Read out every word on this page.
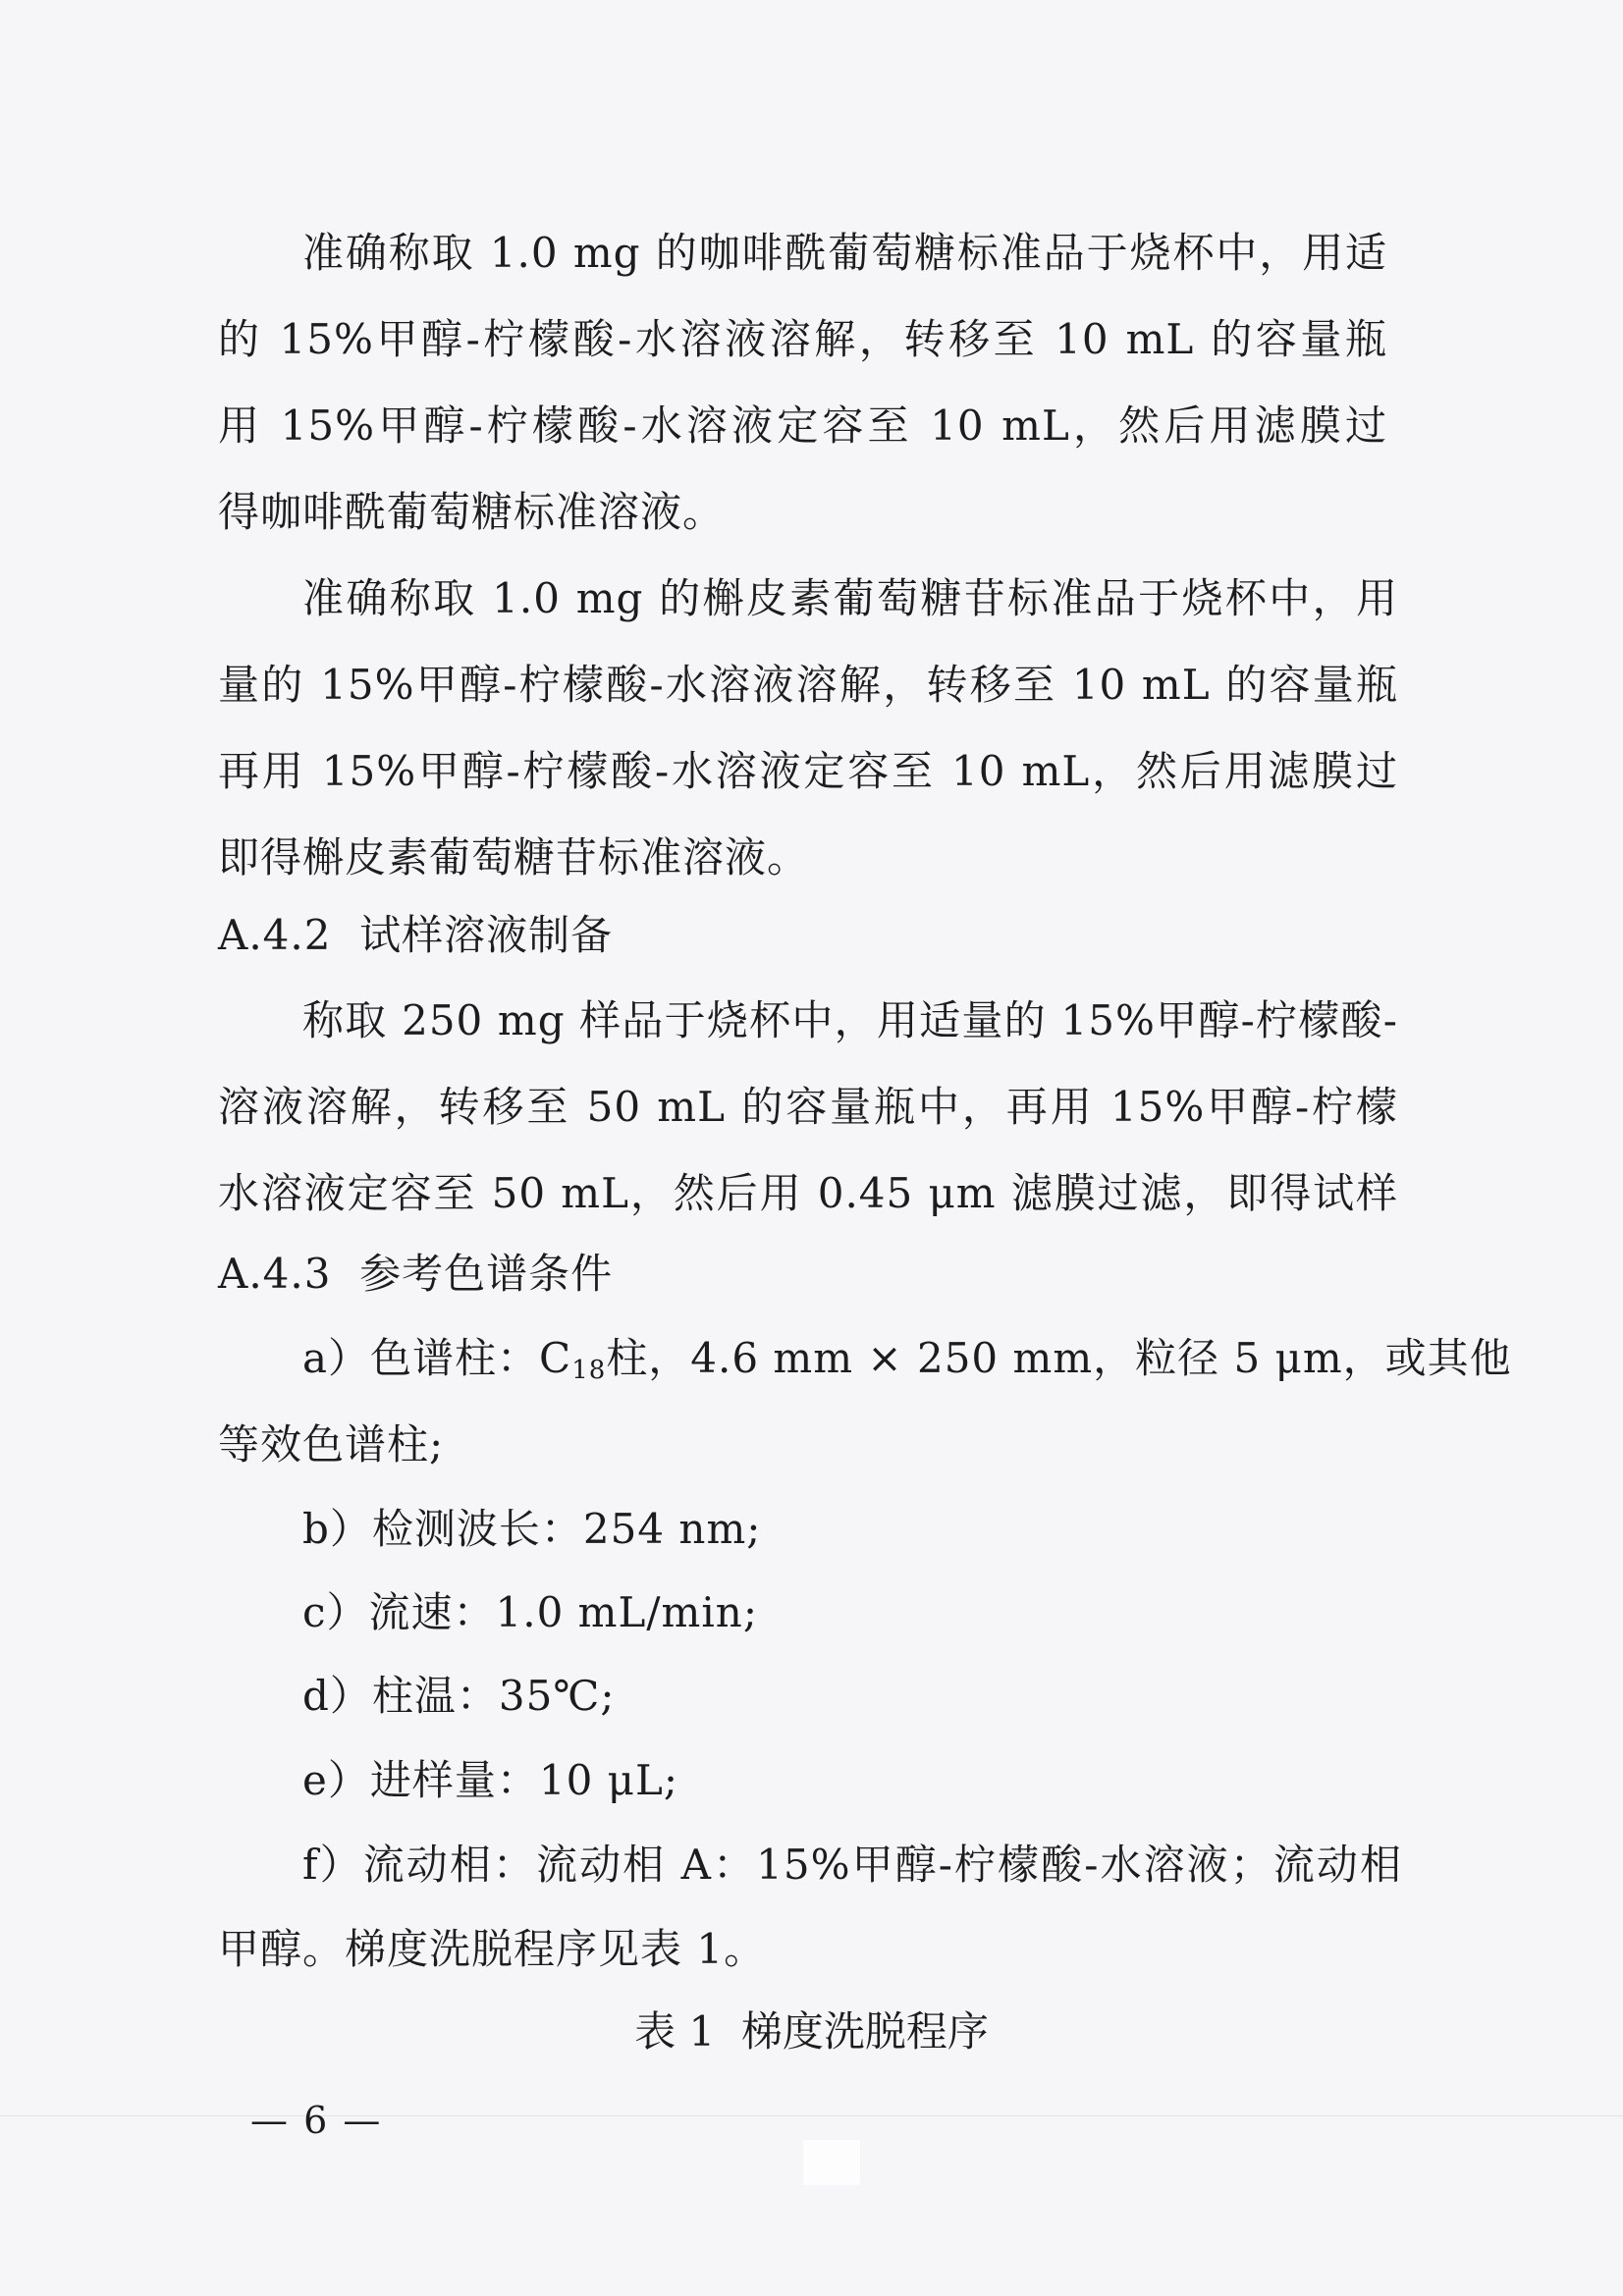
准确称取 1.0 mg 的咖啡酰葡萄糖标准品于烧杯中，用适
的 15%甲醇-柠檬酸-水溶液溶解，转移至 10 mL 的容量瓶
用 15%甲醇-柠檬酸-水溶液定容至 10 mL，然后用滤膜过
得咖啡酰葡萄糖标准溶液。
准确称取 1.0 mg 的槲皮素葡萄糖苷标准品于烧杯中，用
量的 15%甲醇-柠檬酸-水溶液溶解，转移至 10 mL 的容量瓶
再用 15%甲醇-柠檬酸-水溶液定容至 10 mL，然后用滤膜过
即得槲皮素葡萄糖苷标准溶液。
A.4.2  试样溶液制备
称取 250 mg 样品于烧杯中，用适量的 15%甲醇-柠檬酸-
溶液溶解，转移至 50 mL 的容量瓶中，再用 15%甲醇-柠檬
水溶液定容至 50 mL，然后用 0.45 μm 滤膜过滤，即得试样
A.4.3  参考色谱条件
a）色谱柱：$C_{18}$ 柱，4.6 mm × 250 mm，粒径 5 μm，或其他
等效色谱柱;
b）检测波长：254 nm;
c）流速：1.0 mL/min;
d）柱温：35℃;
e）进样量：10 μL;
f）流动相：流动相 A：15%甲醇-柠檬酸-水溶液；流动相
甲醇。梯度洗脱程序见表 1。
表 1  梯度洗脱程序
— 6 —
